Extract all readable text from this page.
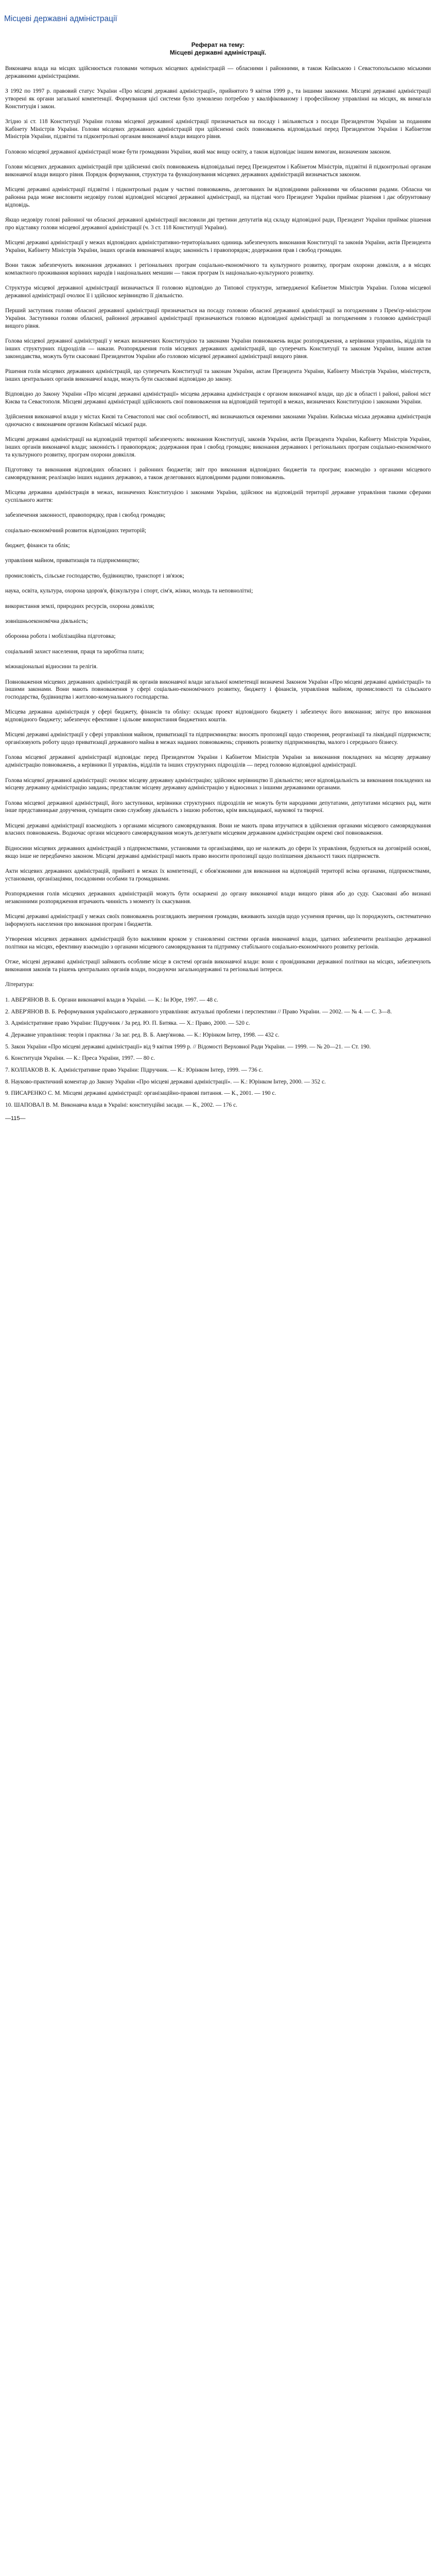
Місцеві державні адміністрації
Реферат на тему:
Місцеві державні адміністрації.
Виконавча влада на місцях здійснюється головами чотирьох місцевих адміністрацій — обласними і районними, в також Київською і Севастопольською міськими державними адміністраціями.
З 1992 по 1997 р. правовий статус України «Про місцеві державні адміністрації», прийнятого 9 квітня 1999 р., та іншими законами. Місцеві державні адміністрації утворені як органи загальної компетенції. Формування цієї системи було зумовлено потребою у кваліфікованому і професійному управлінні на місцях, як вимагала Конституція і закон.
Згідно зі ст. 118 Конституції України голова місцевої державної адміністрації призначається на посаду і звільняється з посади Президентом України за поданням Кабінету Міністрів України. Голови місцевих державних адміністрацій при здійсненні своїх повноважень відповідальні перед Президентом України і Кабінетом Міністрів України, підзвітні та підконтрольні органам виконавчої влади вищого рівня.
Головою місцевої державної адміністрації може бути громадянин України, який має вищу освіту, а також відповідає іншим вимогам, визначеним законом.
Голови місцевих державних адміністрацій при здійсненні своїх повноважень відповідальні перед Президентом і Кабінетом Міністрів, підзвітні й підконтрольні органам виконавчої влади вищого рівня. Порядок формування, структура та функціонування місцевих державних адміністрацій визначається законом.
Місцеві державні адміністрації підзвітні і підконтрольні радам у частині повноважень, делегованих їм відповідними районними чи обласними радами. Обласна чи районна рада може висловити недовіру голові відповідної місцевої державної адміністрації, на підставі чого Президент України приймає рішення і дає обґрунтовану відповідь.
Якщо недовіру голові районної чи обласної державної адміністрації висловили дві третини депутатів від складу відповідної ради, Президент України приймає рішення про відставку голови місцевої державної адміністрації (ч. 3 ст. 118 Конституції України).
Місцеві державні адміністрації у межах відповідних адміністративно-територіальних одиниць забезпечують виконання Конституції та законів України, актів Президента України, Кабінету Міністрів України, інших органів виконавчої влади; законність і правопорядок; додержання прав і свобод громадян.
Вони також забезпечують виконання державних і регіональних програм соціально-економічного та культурного розвитку, програм охорони довкілля, а в місцях компактного проживання корінних народів і національних меншин — також програм їх національно-культурного розвитку.
Структура місцевої державної адміністрації визначається її головою відповідно до Типової структури, затвердженої Кабінетом Міністрів України. Голова місцевої державної адміністрації очолює її і здійснює керівництво її діяльністю.
Перший заступник голови обласної державної адміністрації призначається на посаду головою обласної державної адміністрації за погодженням з Прем'єр-міністром України. Заступники голови обласної, районної державної адміністрації призначаються головою відповідної адміністрації за погодженням з головою адміністрації вищого рівня.
Голова місцевої державної адміністрації у межах визначених Конституцією та законами України повноважень видає розпорядження, а керівники управлінь, відділів та інших структурних підрозділів — накази. Розпорядження голів місцевих державних адміністрацій, що суперечать Конституції та законам України, іншим актам законодавства, можуть бути скасовані Президентом України або головою місцевої державної адміністрації вищого рівня.
Рішення голів місцевих державних адміністрацій, що суперечать Конституції та законам України, актам Президента України, Кабінету Міністрів України, міністерств, інших центральних органів виконавчої влади, можуть бути скасовані відповідно до закону.
Відповідно до Закону України «Про місцеві державні адміністрації» місцева державна адміністрація є органом виконавчої влади, що діє в області і районі, районі міст Києва та Севастополя. Місцеві державні адміністрації здійснюють свої повноваження на відповідній території в межах, визначених Конституцією і законами України.
Здійснення виконавчої влади у містах Києві та Севастополі має свої особливості, які визначаються окремими законами України. Київська міська державна адміністрація одночасно є виконавчим органом Київської міської ради.
Місцеві державні адміністрації на відповідній території забезпечують: виконання Конституції, законів України, актів Президента України, Кабінету Міністрів України, інших органів виконавчої влади; законність і правопорядок; додержання прав і свобод громадян; виконання державних і регіональних програм соціально-економічного та культурного розвитку, програм охорони довкілля.
Підготовку та виконання відповідних обласних і районних бюджетів; звіт про виконання відповідних бюджетів та програм; взаємодію з органами місцевого самоврядування; реалізацію інших наданих державою, а також делегованих відповідними радами повноважень.
Місцева державна адміністрація в межах, визначених Конституцією і законами України, здійснює на відповідній території державне управління такими сферами суспільного життя:
забезпечення законності, правопорядку, прав і свобод громадян;
соціально-економічний розвиток відповідних територій;
бюджет, фінанси та облік;
управління майном, приватизація та підприємництво;
промисловість, сільське господарство, будівництво, транспорт і зв'язок;
наука, освіта, культура, охорона здоров'я, фізкультура і спорт, сім'я, жінки, молодь та неповнолітні;
використання землі, природних ресурсів, охорона довкілля;
зовнішньоекономічна діяльність;
оборонна робота і мобілізаційна підготовка;
соціальний захист населення, праця та заробітна плата;
міжнаціональні відносини та релігія.
Повноваження місцевих державних адміністрацій як органів виконавчої влади загальної компетенції визначені Законом України «Про місцеві державні адміністрації» та іншими законами. Вони мають повноваження у сфері соціально-економічного розвитку, бюджету і фінансів, управління майном, промисловості та сільського господарства, будівництва і житлово-комунального господарства.
Місцева державна адміністрація у сфері бюджету, фінансів та обліку: складає проект відповідного бюджету і забезпечує його виконання; звітує про виконання відповідного бюджету; забезпечує ефективне і цільове використання бюджетних коштів.
Місцеві державні адміністрації у сфері управління майном, приватизації та підприємництва: вносять пропозиції щодо створення, реорганізації та ліквідації підприємств; організовують роботу щодо приватизації державного майна в межах наданих повноважень; сприяють розвитку підприємництва, малого і середнього бізнесу.
Голова місцевої державної адміністрації відповідає перед Президентом України і Кабінетом Міністрів України за виконання покладених на місцеву державну адміністрацію повноважень, а керівники її управлінь, відділів та інших структурних підрозділів — перед головою відповідної адміністрації.
Голова місцевої державної адміністрації: очолює місцеву державну адміністрацію; здійснює керівництво її діяльністю; несе відповідальність за виконання покладених на місцеву державну адміністрацію завдань; представляє місцеву державну адміністрацію у відносинах з іншими державними органами.
Голова місцевої державної адміністрації, його заступники, керівники структурних підрозділів не можуть бути народними депутатами, депутатами місцевих рад, мати інше представницьке доручення, суміщати свою службову діяльність з іншою роботою, крім викладацької, наукової та творчої.
Місцеві державні адміністрації взаємодіють з органами місцевого самоврядування. Вони не мають права втручатися в здійснення органами місцевого самоврядування власних повноважень. Водночас органи місцевого самоврядування можуть делегувати місцевим державним адміністраціям окремі свої повноваження.
Відносини місцевих державних адміністрацій з підприємствами, установами та організаціями, що не належать до сфери їх управління, будуються на договірній основі, якщо інше не передбачено законом. Місцеві державні адміністрації мають право вносити пропозиції щодо поліпшення діяльності таких підприємств.
Акти місцевих державних адміністрацій, прийняті в межах їх компетенції, є обов'язковими для виконання на відповідній території всіма органами, підприємствами, установами, організаціями, посадовими особами та громадянами.
Розпорядження голів місцевих державних адміністрацій можуть бути оскаржені до органу виконавчої влади вищого рівня або до суду. Скасовані або визнані незаконними розпорядження втрачають чинність з моменту їх скасування.
Місцеві державні адміністрації у межах своїх повноважень розглядають звернення громадян, вживають заходів щодо усунення причин, що їх породжують, систематично інформують населення про виконання програм і бюджетів.
Утворення місцевих державних адміністрацій було важливим кроком у становленні системи органів виконавчої влади, здатних забезпечити реалізацію державної політики на місцях, ефективну взаємодію з органами місцевого самоврядування та підтримку стабільного соціально-економічного розвитку регіонів.
Отже, місцеві державні адміністрації займають особливе місце в системі органів виконавчої влади: вони є провідниками державної політики на місцях, забезпечують виконання законів та рішень центральних органів влади, поєднуючи загальнодержавні та регіональні інтереси.
Література:
1. АВЕР'ЯНОВ В. Б. Органи виконавчої влади в Україні. — К.: Ін Юре, 1997. — 48 с.
2. АВЕР'ЯНОВ В. Б. Реформування українського державного управління: актуальні проблеми і перспективи // Право України. — 2002. — № 4. — С. 3—8.
3. Адміністративне право України: Підручник / За ред. Ю. П. Битяка. — Х.: Право, 2000. — 520 с.
4. Державне управління: теорія і практика / За заг. ред. В. Б. Авер'янова. — К.: Юрінком Інтер, 1998. — 432 с.
5. Закон України «Про місцеві державні адміністрації» від 9 квітня 1999 р. // Відомості Верховної Ради України. — 1999. — № 20—21. — Ст. 190.
6. Конституція України. — К.: Преса України, 1997. — 80 с.
7. КОЛПАКОВ В. К. Адміністративне право України: Підручник. — К.: Юрінком Інтер, 1999. — 736 с.
8. Науково-практичний коментар до Закону України «Про місцеві державні адміністрації». — К.: Юрінком Інтер, 2000. — 352 с.
9. ПИСАРЕНКО С. М. Місцеві державні адміністрації: організаційно-правові питання. — К., 2001. — 190 с.
10. ШАПОВАЛ В. М. Виконавча влада в Україні: конституційні засади. — К., 2002. — 176 с.
—115—
